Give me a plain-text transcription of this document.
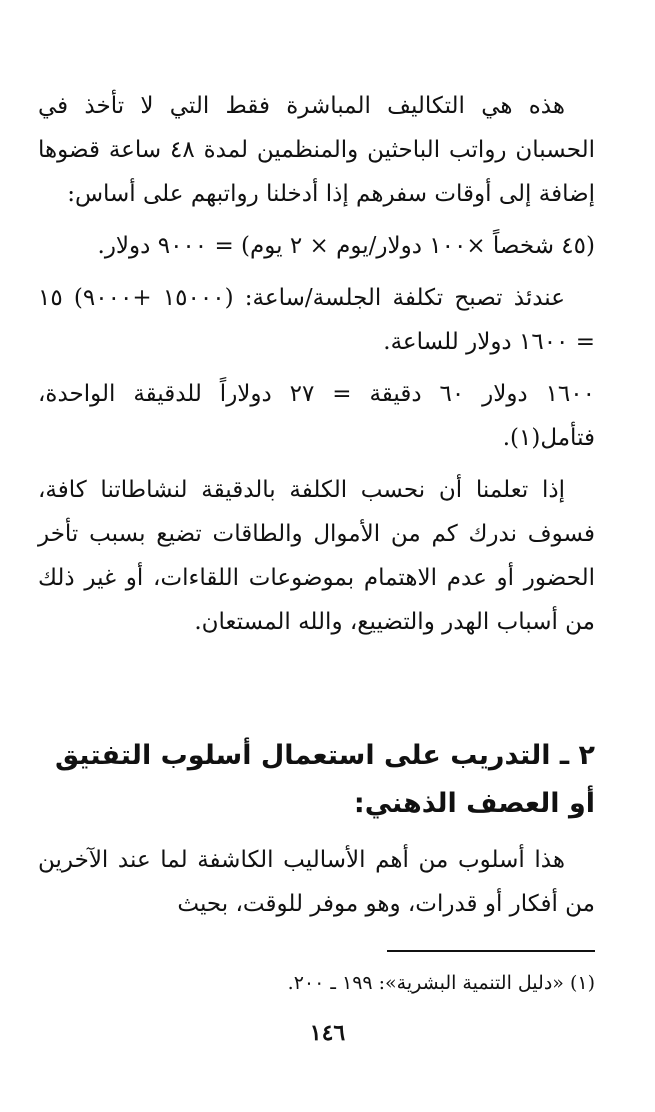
هذه هي التكاليف المباشرة فقط التي لا تأخذ في الحسبان رواتب الباحثين والمنظمين لمدة ٤٨ ساعة قضوها إضافة إلى أوقات سفرهم إذا أدخلنا رواتبهم على أساس:

(٤٥ شخصاً ×١٠٠ دولار/يوم × ٢ يوم) = ٩٠٠٠ دولار.

عندئذ تصبح تكلفة الجلسة/ساعة: (١٥٠٠٠ +٩٠٠٠) ١٥ = ١٦٠٠ دولار للساعة.

١٦٠٠ دولار ٦٠ دقيقة = ٢٧ دولاراً للدقيقة الواحدة، فتأمل(١).

إذا تعلمنا أن نحسب الكلفة بالدقيقة لنشاطاتنا كافة، فسوف ندرك كم من الأموال والطاقات تضيع بسبب تأخر الحضور أو عدم الاهتمام بموضوعات اللقاءات، أو غير ذلك من أسباب الهدر والتضييع، والله المستعان.

٢ ـ التدريب على استعمال أسلوب التفتيق أو العصف الذهني:

هذا أسلوب من أهم الأساليب الكاشفة لما عند الآخرين من أفكار أو قدرات، وهو موفر للوقت، بحيث

(١) «دليل التنمية البشرية»: ١٩٩ ـ ٢٠٠.
١٤٦
